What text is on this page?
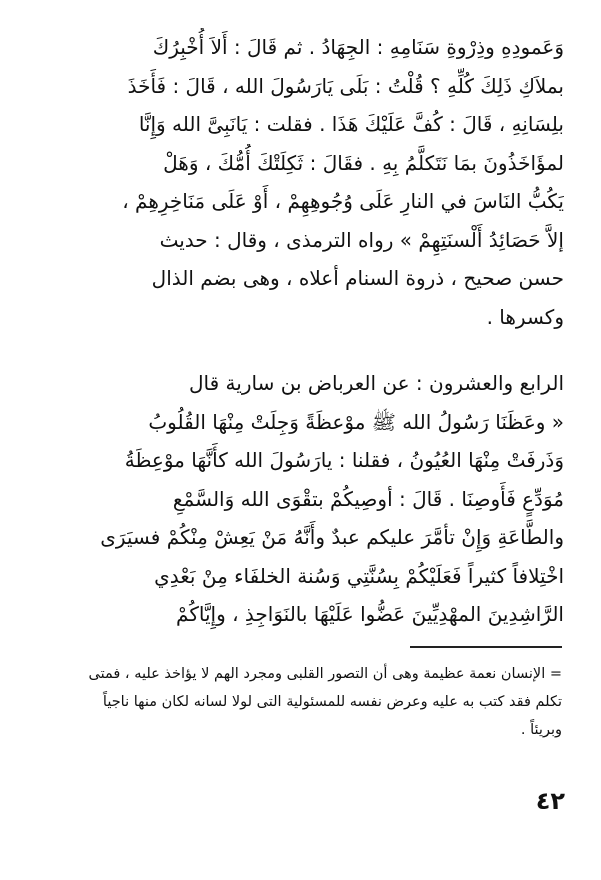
وَعَمودِهِ وذِرْوةِ سَنَامِهِ : الجِهَادُ . ثم قَالَ : أَلاَ أُخْبِرُكَ
بملاَكِ ذَلِكَ كُلِّهِ ؟ قُلْتُ : بَلَى يَارَسُولَ الله ، قَالَ : فَأَخَذَ
بلِسَانِهِ ، قَالَ : كُفَّ عَلَيْكَ هَذَا . فقلت : يَانَبِىَّ الله وَإِنَّا
لمؤَاخَذُونَ بمَا نَتَكلَّمُ بِهِ . فقَالَ : ثَكِلَتْكَ أُمُّكَ ، وَهَلْ
يَكُبُّ النَاسَ في النارِ عَلَى وُجُوهِهِمْ ، أَوْ عَلَى مَنَاخِرِهِمْ ،
إلاَّ حَصَائِدُ أَلْسنَتِهِمْ » رواه الترمذى ، وقال : حديث
حسن صحيح ، ذروة السنام أعلاه ، وهى بضم الذال
وكسرها .
الرابع والعشرون : عن العرباض بن سارية قال
« وعَظَنَا رَسُولُ الله ﷺ موْعظَةً وَجِلَتْ مِنْهَا القُلُوبُ
وَذَرفَتْ مِنْهَا العُيُونُ ، فقلنا : يارَسُولَ الله كأَنَّهَا موْعِظَةُ
مُوَدِّعٍ فَأَوصِنَا . قَالَ : أوصِيكُمْ بتقْوَى الله وَالسَّمْعِ
والطَّاعَةِ وَإِنْ تأمَّرَ عليكم عبدٌ وأَنَّهُ مَنْ يَعِشْ مِنْكُمْ فسيَرَى
اخْتِلافاً كثيراً فَعَلَيْكُمْ بِسُنَّتِي وَسُنة الخلفَاء مِنْ بَعْدِي
الرَّاشِدِينَ المهْدِيِّينَ عَضُّوا عَلَيْهَا بالنَوَاجِذِ ، وإِيَّاكُمْ
= الإنسان نعمة عظيمة وهى أن التصور القلبى ومجرد الهم لا يؤاخذ عليه ، فمتى
تكلم فقد كتب به عليه وعرض نفسه للمسئولية التى لولا لسانه لكان منها ناجياً
وبريئاً .
٤٢
